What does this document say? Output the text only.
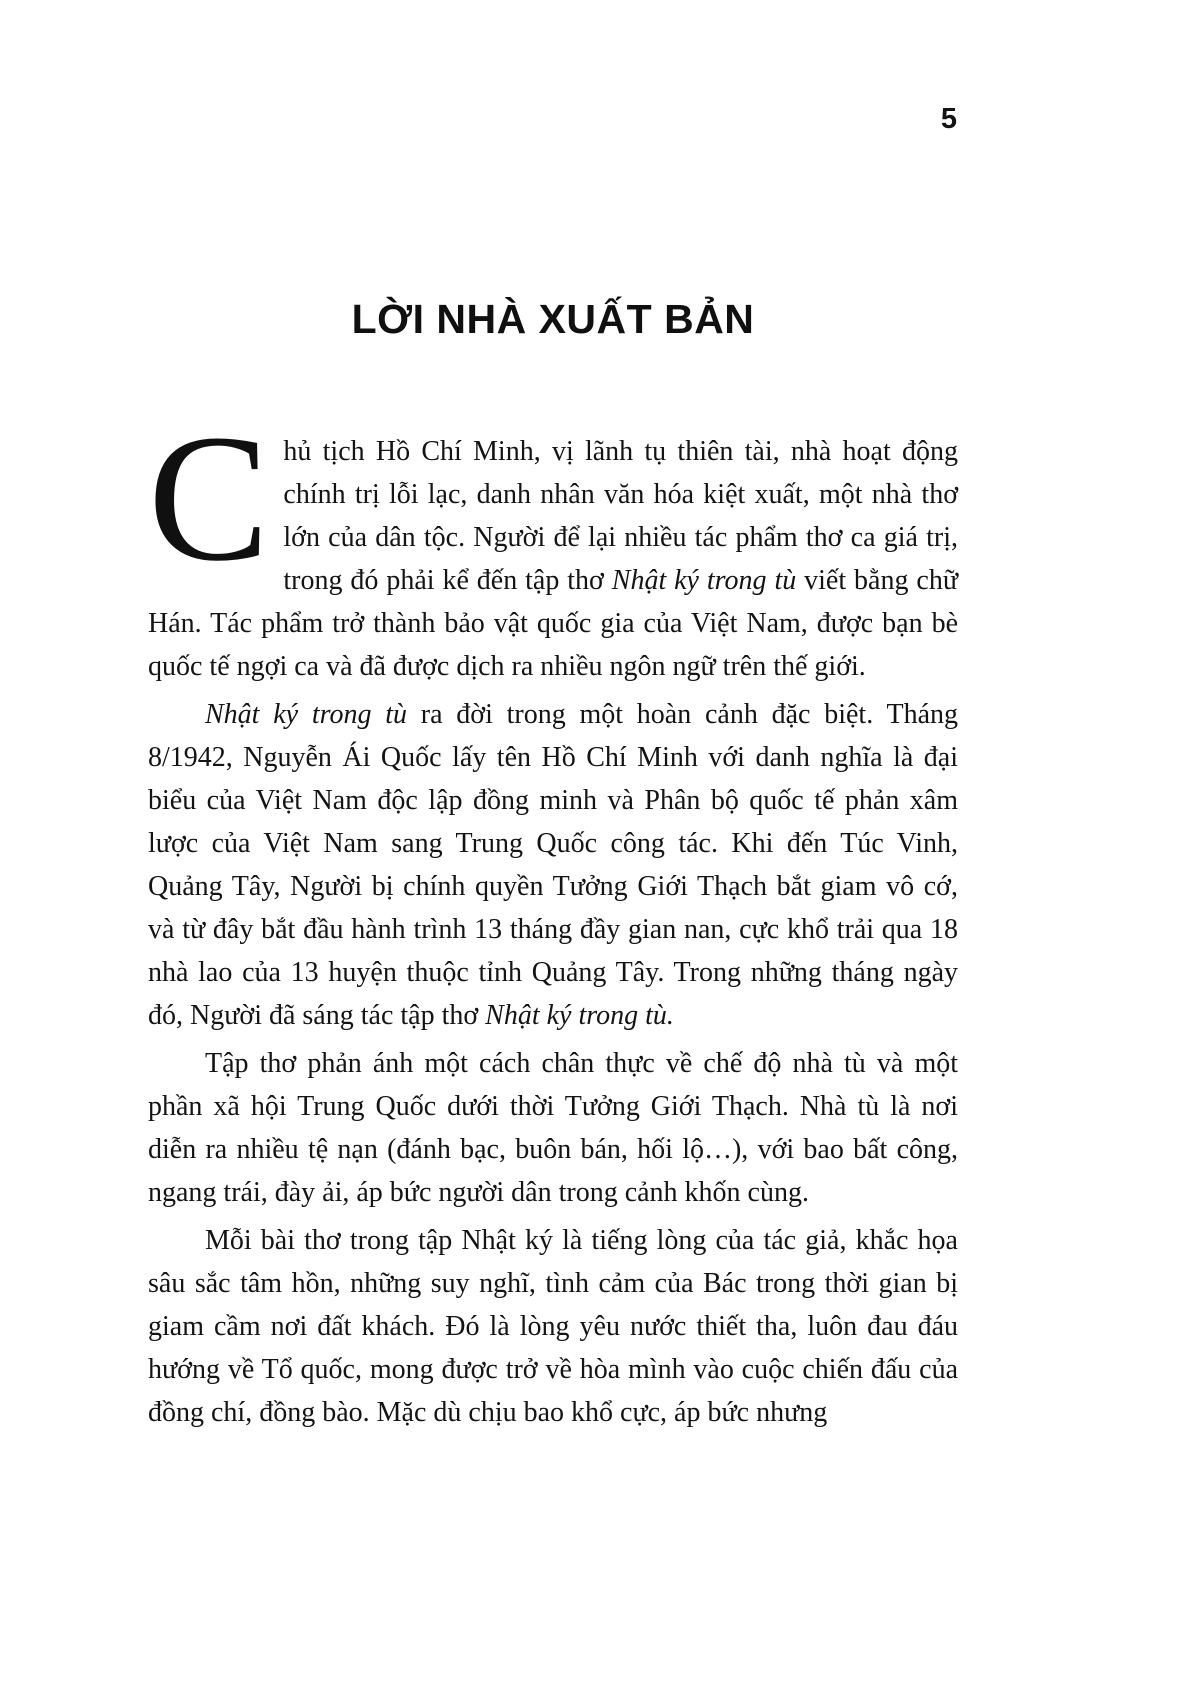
5
LỜI NHÀ XUẤT BẢN

Chủ tịch Hồ Chí Minh, vị lãnh tụ thiên tài, nhà hoạt động chính trị lỗi lạc, danh nhân văn hóa kiệt xuất, một nhà thơ lớn của dân tộc. Người để lại nhiều tác phẩm thơ ca giá trị, trong đó phải kể đến tập thơ Nhật ký trong tù viết bằng chữ Hán. Tác phẩm trở thành bảo vật quốc gia của Việt Nam, được bạn bè quốc tế ngợi ca và đã được dịch ra nhiều ngôn ngữ trên thế giới.

Nhật ký trong tù ra đời trong một hoàn cảnh đặc biệt. Tháng 8/1942, Nguyễn Ái Quốc lấy tên Hồ Chí Minh với danh nghĩa là đại biểu của Việt Nam độc lập đồng minh và Phân bộ quốc tế phản xâm lược của Việt Nam sang Trung Quốc công tác. Khi đến Túc Vinh, Quảng Tây, Người bị chính quyền Tưởng Giới Thạch bắt giam vô cớ, và từ đây bắt đầu hành trình 13 tháng đầy gian nan, cực khổ trải qua 18 nhà lao của 13 huyện thuộc tỉnh Quảng Tây. Trong những tháng ngày đó, Người đã sáng tác tập thơ Nhật ký trong tù.

Tập thơ phản ánh một cách chân thực về chế độ nhà tù và một phần xã hội Trung Quốc dưới thời Tưởng Giới Thạch. Nhà tù là nơi diễn ra nhiều tệ nạn (đánh bạc, buôn bán, hối lộ…), với bao bất công, ngang trái, đày ải, áp bức người dân trong cảnh khốn cùng.

Mỗi bài thơ trong tập Nhật ký là tiếng lòng của tác giả, khắc họa sâu sắc tâm hồn, những suy nghĩ, tình cảm của Bác trong thời gian bị giam cầm nơi đất khách. Đó là lòng yêu nước thiết tha, luôn đau đáu hướng về Tổ quốc, mong được trở về hòa mình vào cuộc chiến đấu của đồng chí, đồng bào. Mặc dù chịu bao khổ cực, áp bức nhưng
